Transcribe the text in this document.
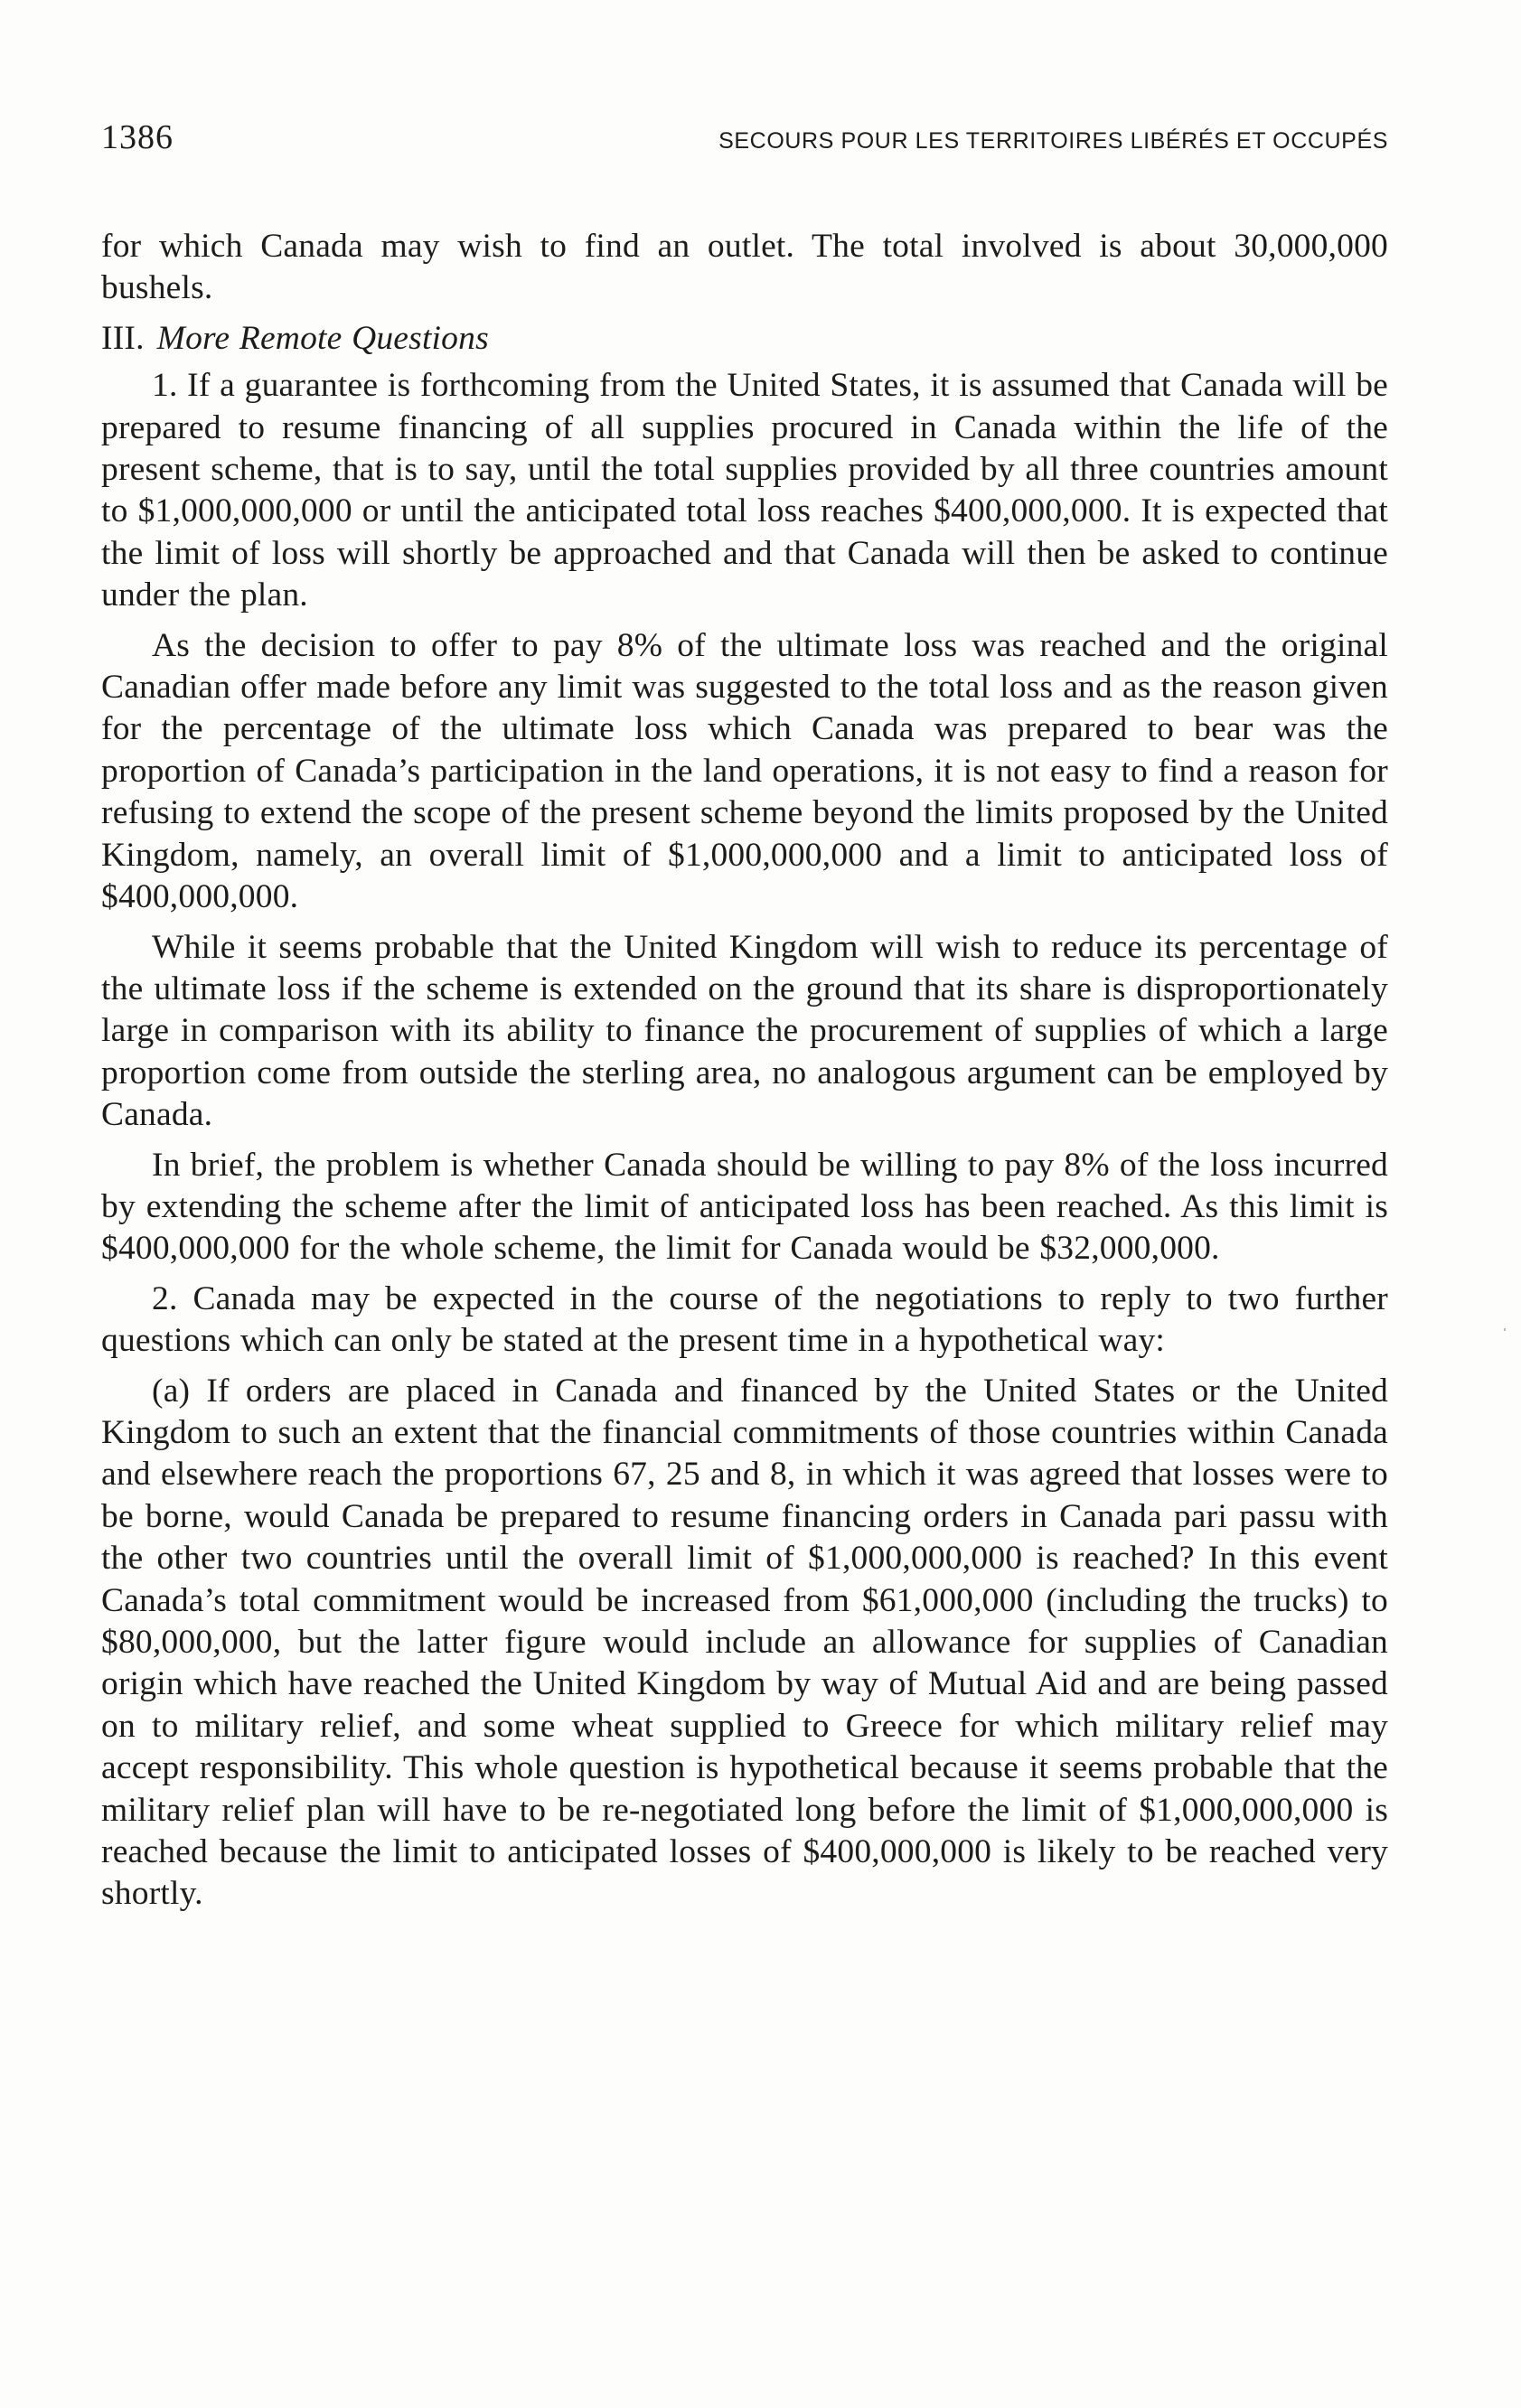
1386	SECOURS POUR LES TERRITOIRES LIBÉRÉS ET OCCUPÉS

for which Canada may wish to find an outlet. The total involved is about 30,000,000 bushels.

III. More Remote Questions

1. If a guarantee is forthcoming from the United States, it is assumed that Canada will be prepared to resume financing of all supplies procured in Canada within the life of the present scheme, that is to say, until the total supplies provided by all three countries amount to $1,000,000,000 or until the anticipated total loss reaches $400,000,000. It is expected that the limit of loss will shortly be approached and that Canada will then be asked to continue under the plan.

As the decision to offer to pay 8% of the ultimate loss was reached and the original Canadian offer made before any limit was suggested to the total loss and as the reason given for the percentage of the ultimate loss which Canada was prepared to bear was the proportion of Canada’s participation in the land operations, it is not easy to find a reason for refusing to extend the scope of the present scheme beyond the limits proposed by the United Kingdom, namely, an overall limit of $1,000,000,000 and a limit to anticipated loss of $400,000,000.

While it seems probable that the United Kingdom will wish to reduce its percentage of the ultimate loss if the scheme is extended on the ground that its share is disproportionately large in comparison with its ability to finance the procurement of supplies of which a large proportion come from outside the sterling area, no analogous argument can be employed by Canada.

In brief, the problem is whether Canada should be willing to pay 8% of the loss incurred by extending the scheme after the limit of anticipated loss has been reached. As this limit is $400,000,000 for the whole scheme, the limit for Canada would be $32,000,000.

2. Canada may be expected in the course of the negotiations to reply to two further questions which can only be stated at the present time in a hypothetical way:

(a) If orders are placed in Canada and financed by the United States or the United Kingdom to such an extent that the financial commitments of those countries within Canada and elsewhere reach the proportions 67, 25 and 8, in which it was agreed that losses were to be borne, would Canada be prepared to resume financing orders in Canada pari passu with the other two countries until the overall limit of $1,000,000,000 is reached? In this event Canada’s total commitment would be increased from $61,000,000 (including the trucks) to $80,000,000, but the latter figure would include an allowance for supplies of Canadian origin which have reached the United Kingdom by way of Mutual Aid and are being passed on to military relief, and some wheat supplied to Greece for which military relief may accept responsibility. This whole question is hypothetical because it seems probable that the military relief plan will have to be re-negotiated long before the limit of $1,000,000,000 is reached because the limit to anticipated losses of $400,000,000 is likely to be reached very shortly.
